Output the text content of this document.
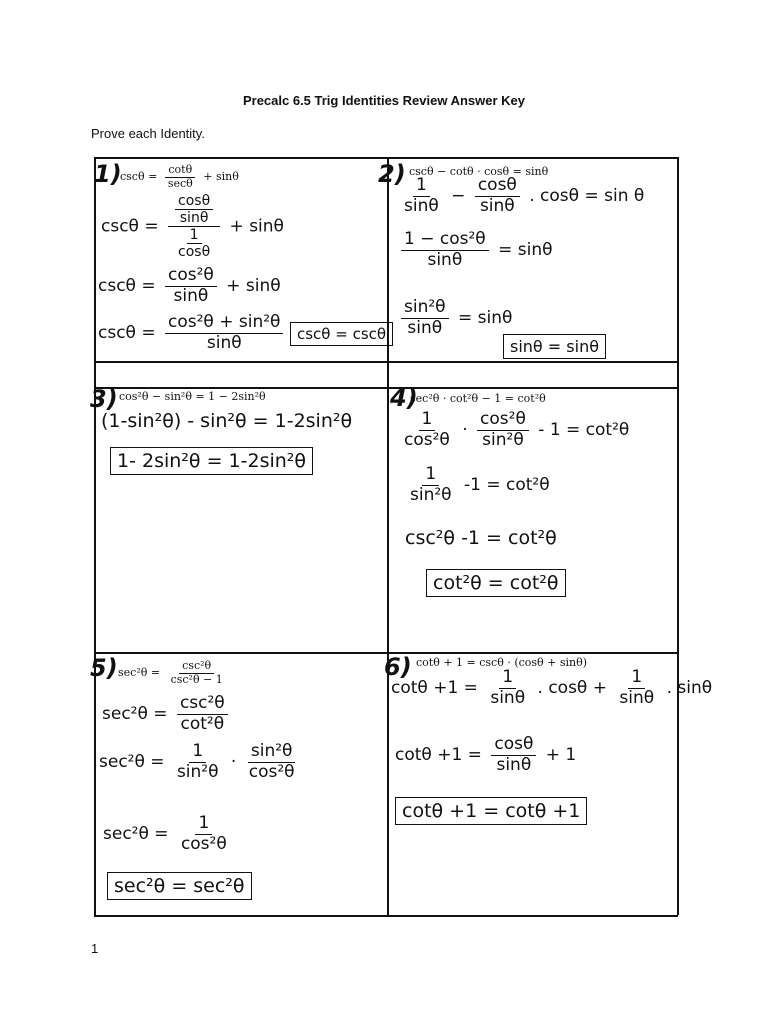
Precalc 6.5 Trig Identities Review Answer Key
Prove each Identity.
1)
$\csc\theta = \frac{\cot\theta}{\sec\theta} + \sin\theta$
$\csc\theta = \frac{\frac{\cos\theta}{\sin\theta}}{\frac{1}{\cos\theta}} + \sin\theta$
$\csc\theta = \frac{\text{cos²θ}}{\sin\theta} + \sin\theta$
$\csc\theta = \frac{\text{cos²θ + sin²θ}}{\sin\theta}$ cscθ = cscθ
2) cscθ − cotθ · cosθ = sinθ
$\frac{1}{\sin\theta} - \frac{\cos\theta}{\sin\theta}$ . cosθ = sin θ
$\frac{\text{1 − cos²θ}}{\sin\theta} = \sin\theta$
$\frac{\text{sin²θ}}{\sin\theta} = \sin\theta$
sinθ = sinθ
3) cos²θ − sin²θ = 1 − 2sin²θ
(1-sin²θ) - sin²θ = 1-2sin²θ
1- 2sin²θ = 1-2sin²θ
4)
sec²θ · cot²θ − 1 = cot²θ
$\frac{1}{\text{cos²θ}} \cdot \frac{\text{cos²θ}}{\text{sin²θ}} - 1 = \cot^2\theta$
$\frac{1}{\text{sin²θ}} -1 = \cot^2\theta$
csc²θ -1 = cot²θ
cot²θ = cot²θ
5) $\sec^2\theta = \frac{\text{csc²θ}}{\text{csc²θ − 1}}$
$\sec^2\theta = \frac{\text{csc²θ}}{\text{cot²θ}}$
$\sec^2\theta = \frac{1}{\text{sin²θ}} \cdot \frac{\text{sin²θ}}{\text{cos²θ}}$
$\sec^2\theta = \frac{1}{\text{cos²θ}}$
sec²θ = sec²θ
6) cotθ + 1 = cscθ · (cosθ + sinθ)
$\cot\theta +1 = \frac{1}{\sin\theta}$ . $\cos\theta + \frac{1}{\sin\theta}$ . sinθ
$\cot\theta +1 = \frac{\cos\theta}{\sin\theta} + 1$
cotθ +1 = cotθ +1
1
